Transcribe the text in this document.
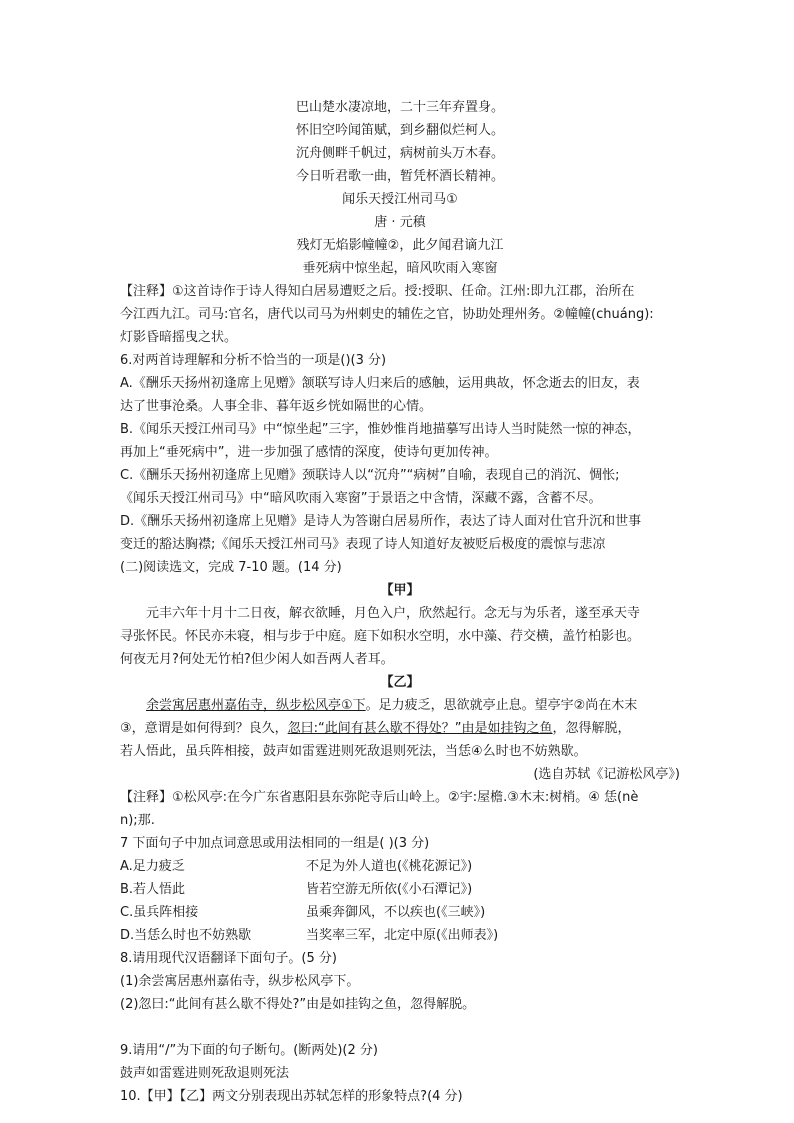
巴山楚水凄凉地，二十三年弃置身。
怀旧空吟闻笛赋，到乡翻似烂柯人。
沉舟侧畔千帆过，病树前头万木春。
今日听君歌一曲，暂凭杯酒长精神。
闻乐天授江州司马①
唐 · 元稹
残灯无焰影幢幢②，此夕闻君谪九江
垂死病中惊坐起，暗风吹雨入寒窗
【注释】①这首诗作于诗人得知白居易遭贬之后。授:授职、任命。江州:即九江郡，治所在
今江西九江。司马:官名，唐代以司马为州刺史的辅佐之官，协助处理州务。②幢幢(chuáng):
灯影昏暗摇曳之状。
6.对两首诗理解和分析不恰当的一项是()(3 分)
A.《酬乐天扬州初逢席上见赠》颔联写诗人归来后的感触，运用典故，怀念逝去的旧友，表
达了世事沧桑。人事全非、暮年返乡恍如隔世的心情。
B.《闻乐天授江州司马》中“惊坐起”三字，惟妙惟肖地描摹写出诗人当时陡然一惊的神态，
再加上“垂死病中”，进一步加强了感情的深度，使诗句更加传神。
C.《酬乐天扬州初逢席上见赠》颈联诗人以“沉舟”“病树”自喻，表现自己的消沉、惆怅;
《闻乐天授江州司马》中“暗风吹雨入寒窗”于景语之中含情，深藏不露，含蓄不尽。
D.《酬乐天扬州初逢席上见赠》是诗人为答谢白居易所作，表达了诗人面对仕官升沉和世事
变迁的豁达胸襟;《闻乐天授江州司马》表现了诗人知道好友被贬后极度的震惊与悲凉
(二)阅读选文，完成 7-10 题。(14 分)
【甲】
元丰六年十月十二日夜，解衣欲睡，月色入户，欣然起行。念无与为乐者，遂至承天寺
寻张怀民。怀民亦未寝，相与步于中庭。庭下如积水空明，水中藻、荇交横，盖竹柏影也。
何夜无月?何处无竹柏?但少闲人如吾两人者耳。
【乙】
余尝寓居惠州嘉佑寺，纵步松风亭①下。足力疲乏，思欲就亭止息。望亭宇②尚在木末
③，意谓是如何得到？良久，忽曰:“此间有甚么歇不得处？”由是如挂钩之鱼，忽得解脱，
若人悟此，虽兵阵相接，鼓声如雷霆进则死敌退则死法，当恁④么时也不妨熟歇。
(选自苏轼《记游松风亭》)
【注释】①松风亭:在今广东省惠阳县东弥陀寺后山岭上。②宇:屋檐.③木末:树梢。④ 恁(nè
n);那.
7 下面句子中加点词意思或用法相同的一组是( )(3 分)
A.足力疲乏	不足为外人道也(《桃花源记》)
B.若人悟此	皆若空游无所依(《小石潭记》)
C.虽兵阵相接	虽乘奔御风，不以疾也(《三峡》)
D.当恁么时也不妨熟歇	当奖率三军，北定中原(《出师表》)
8.请用现代汉语翻译下面句子。(5 分)
(1)余尝寓居惠州嘉佑寺，纵步松风亭下。
(2)忽曰:“此间有甚么歇不得处?”由是如挂钩之鱼，忽得解脱。
9.请用“/”为下面的句子断句。(断两处)(2 分)
鼓声如雷霆进则死敌退则死法
10.【甲】【乙】两文分别表现出苏轼怎样的形象特点?(4 分)
